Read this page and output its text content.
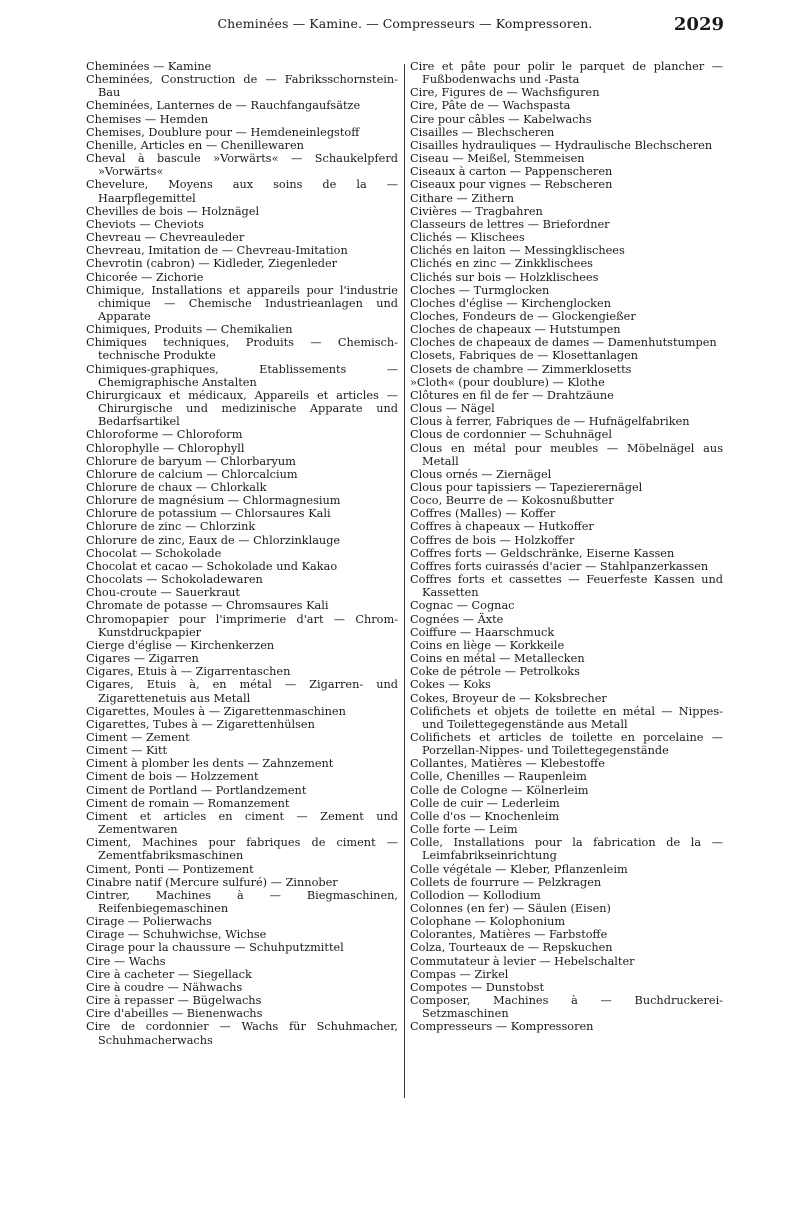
Cheminées — Kamine. — Compresseurs — Kompressoren.	2029
Cheminées — Kamine
Cheminées, Construction de — Fabriksschornstein-Bau
Cheminées, Lanternes de — Rauchfangaufsätze
Chemises — Hemden
Chemises, Doublure pour — Hemdeneinlegstoff
Chenille, Articles en — Chenillewaren
Cheval à bascule »Vorwärts« — Schaukelpferd »Vorwärts«
Chevelure, Moyens aux soins de la — Haarpflegemittel
Chevilles de bois — Holznägel
Cheviots — Cheviots
Chevreau — Chevreauleder
Chevreau, Imitation de — Chevreau-Imitation
Chevrotin (cabron) — Kidleder, Ziegenleder
Chicorée — Zichorie
Chimique, Installations et appareils pour l'industrie chimique — Chemische Industrieanlagen und Apparate
Chimiques, Produits — Chemikalien
Chimiques techniques, Produits — Chemisch-technische Produkte
Chimiques-graphiques, Etablissements — Chemigraphische Anstalten
Chirurgicaux et médicaux, Appareils et articles — Chirurgische und medizinische Apparate und Bedarfsartikel
Chloroforme — Chloroform
Chlorophylle — Chlorophyll
Chlorure de baryum — Chlorbaryum
Chlorure de calcium — Chlorcalcium
Chlorure de chaux — Chlorkalk
Chlorure de magnésium — Chlormagnesium
Chlorure de potassium — Chlorsaures Kali
Chlorure de zinc — Chlorzink
Chlorure de zinc, Eaux de — Chlorzinklauge
Chocolat — Schokolade
Chocolat et cacao — Schokolade und Kakao
Chocolats — Schokoladewaren
Chou-croute — Sauerkraut
Chromate de potasse — Chromsaures Kali
Chromopapier pour l'imprimerie d'art — Chrom-Kunstdruckpapier
Cierge d'église — Kirchenkerzen
Cigares — Zigarren
Cigares, Etuis à — Zigarrentaschen
Cigares, Etuis à, en métal — Zigarren- und Zigarettenetuis aus Metall
Cigarettes, Moules à — Zigarettenmaschinen
Cigarettes, Tubes à — Zigarettenhülsen
Ciment — Zement
Ciment — Kitt
Ciment à plomber les dents — Zahnzement
Ciment de bois — Holzzement
Ciment de Portland — Portlandzement
Ciment de romain — Romanzement
Ciment et articles en ciment — Zement und Zementwaren
Ciment, Machines pour fabriques de ciment — Zementfabriksmaschinen
Ciment, Ponti — Pontizement
Cinabre natif (Mercure sulfuré) — Zinnober
Cintrer, Machines à — Biegmaschinen, Reifenbiegemaschinen
Cirage — Polierwachs
Cirage — Schuhwichse, Wichse
Cirage pour la chaussure — Schuhputzmittel
Cire — Wachs
Cire à cacheter — Siegellack
Cire à coudre — Nähwachs
Cire à repasser — Bügelwachs
Cire d'abeilles — Bienenwachs
Cire de cordonnier — Wachs für Schuhmacher, Schuhmacherwachs
Cire et pâte pour polir le parquet de plancher — Fußbodenwachs und -Pasta
Cire, Figures de — Wachsfiguren
Cire, Pâte de — Wachspasta
Cire pour câbles — Kabelwachs
Cisailles — Blechscheren
Cisailles hydrauliques — Hydraulische Blechscheren
Ciseau — Meißel, Stemmeisen
Ciseaux à carton — Pappenscheren
Ciseaux pour vignes — Rebscheren
Cithare — Zithern
Civières — Tragbahren
Classeurs de lettres — Briefordner
Clichés — Klischees
Clichés en laiton — Messingklischees
Clichés en zinc — Zinkklischees
Clichés sur bois — Holzklischees
Cloches — Turmglocken
Cloches d'église — Kirchenglocken
Cloches, Fondeurs de — Glockengießer
Cloches de chapeaux — Hutstumpen
Cloches de chapeaux de dames — Damenhutstumpen
Closets, Fabriques de — Klosettanlagen
Closets de chambre — Zimmerklosetts
»Cloth« (pour doublure) — Klothe
Clôtures en fil de fer — Drahtzäune
Clous — Nägel
Clous à ferrer, Fabriques de — Hufnägelfabriken
Clous de cordonnier — Schuhnägel
Clous en métal pour meubles — Möbelnägel aus Metall
Clous ornés — Ziernägel
Clous pour tapissiers — Tapezierernägel
Coco, Beurre de — Kokosnußbutter
Coffres (Malles) — Koffer
Coffres à chapeaux — Hutkoffer
Coffres de bois — Holzkoffer
Coffres forts — Geldschränke, Eiserne Kassen
Coffres forts cuirassés d'acier — Stahlpanzerkassen
Coffres forts et cassettes — Feuerfeste Kassen und Kassetten
Cognac — Cognac
Cognées — Äxte
Coiffure — Haarschmuck
Coins en liège — Korkkeile
Coins en métal — Metallecken
Coke de pétrole — Petrolkoks
Cokes — Koks
Cokes, Broyeur de — Koksbrecher
Colifichets et objets de toilette en métal — Nippes- und Toilettegegenstände aus Metall
Colifichets et articles de toilette en porcelaine — Porzellan-Nippes- und Toilettegegenstände
Collantes, Matières — Klebestoffe
Colle, Chenilles — Raupenleim
Colle de Cologne — Kölnerleim
Colle de cuir — Lederleim
Colle d'os — Knochenleim
Colle forte — Leim
Colle, Installations pour la fabrication de la — Leimfabrikseinrichtung
Colle végétale — Kleber, Pflanzenleim
Collets de fourrure — Pelzkragen
Collodion — Kollodium
Colonnes (en fer) — Säulen (Eisen)
Colophane — Kolophonium
Colorantes, Matières — Farbstoffe
Colza, Tourteaux de — Repskuchen
Commutateur à levier — Hebelschalter
Compas — Zirkel
Compotes — Dunstobst
Composer, Machines à — Buchdruckerei-Setzmaschinen
Compresseurs — Kompressoren
